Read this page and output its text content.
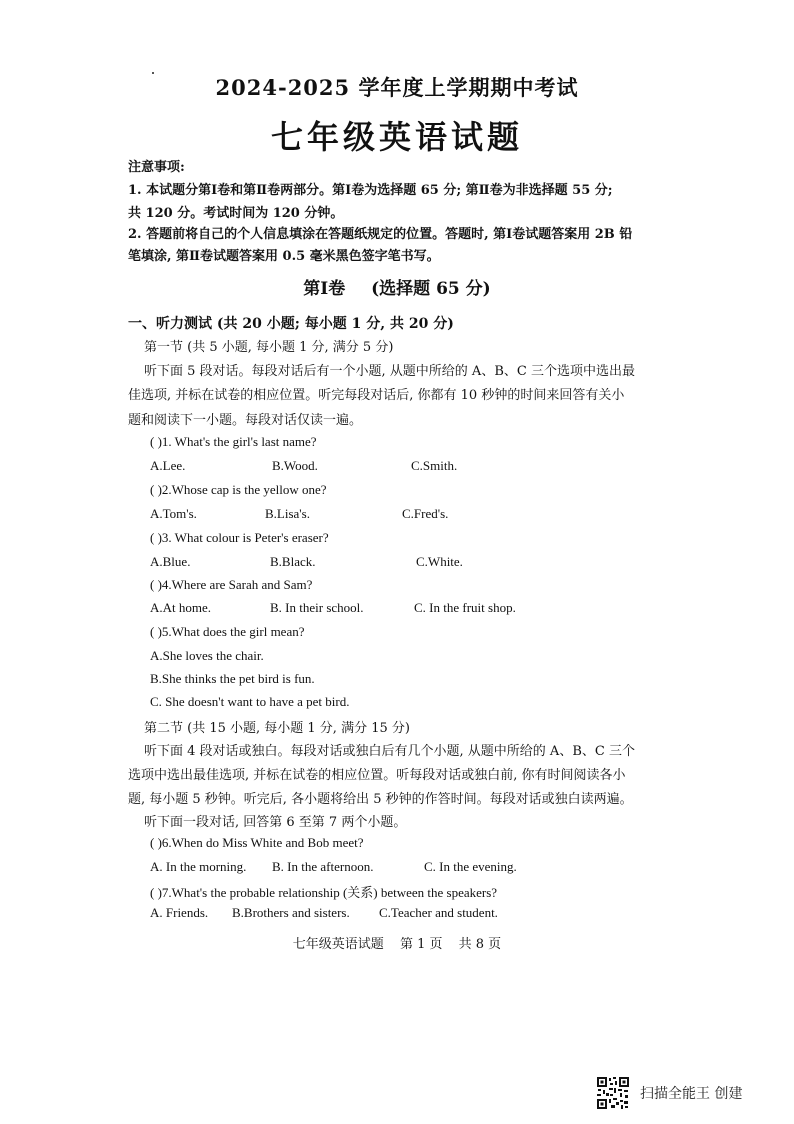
2024-2025 学年度上学期期中考试
七年级英语试题
注意事项:
1. 本试题分第Ⅰ卷和第Ⅱ卷两部分。第Ⅰ卷为选择题 65 分; 第Ⅱ卷为非选择题 55 分;
共 120 分。考试时间为 120 分钟。
2. 答题前将自己的个人信息填涂在答题纸规定的位置。答题时, 第Ⅰ卷试题答案用 2B 铅
笔填涂, 第Ⅱ卷试题答案用 0.5 毫米黑色签字笔书写。
第Ⅰ卷 (选择题 65 分)
一、听力测试 (共 20 小题; 每小题 1 分, 共 20 分)
第一节 (共 5 小题, 每小题 1 分, 满分 5 分)
听下面 5 段对话。每段对话后有一个小题, 从题中所给的 A、B、C 三个选项中选出最
佳选项, 并标在试卷的相应位置。听完每段对话后, 你都有 10 秒钟的时间来回答有关小
题和阅读下一小题。每段对话仅读一遍。
( )1. What's the girl's last name?
A.Lee.	B.Wood.	C.Smith.
( )2.Whose cap is the yellow one?
A.Tom's.	B.Lisa's.	C.Fred's.
( )3. What colour is Peter's eraser?
A.Blue.	B.Black.	C.White.
( )4.Where are Sarah and Sam?
A.At home.	B. In their school.	C. In the fruit shop.
( )5.What does the girl mean?
A.She loves the chair.
B.She thinks the pet bird is fun.
C. She doesn't want to have a pet bird.
第二节 (共 15 小题, 每小题 1 分, 满分 15 分)
听下面 4 段对话或独白。每段对话或独白后有几个小题, 从题中所给的 A、B、C 三个
选项中选出最佳选项, 并标在试卷的相应位置。听每段对话或独白前, 你有时间阅读各小
题, 每小题 5 秒钟。听完后, 各小题将给出 5 秒钟的作答时间。每段对话或独白读两遍。
听下面一段对话, 回答第 6 至第 7 两个小题。
( )6.When do Miss White and Bob meet?
A. In the morning. B. In the afternoon.	C. In the evening.
( )7.What's the probable relationship (关系) between the speakers?
A. Friends. B.Brothers and sisters. C.Teacher and student.
七年级英语试题 第 1 页 共 8 页
扫描全能王 创建
